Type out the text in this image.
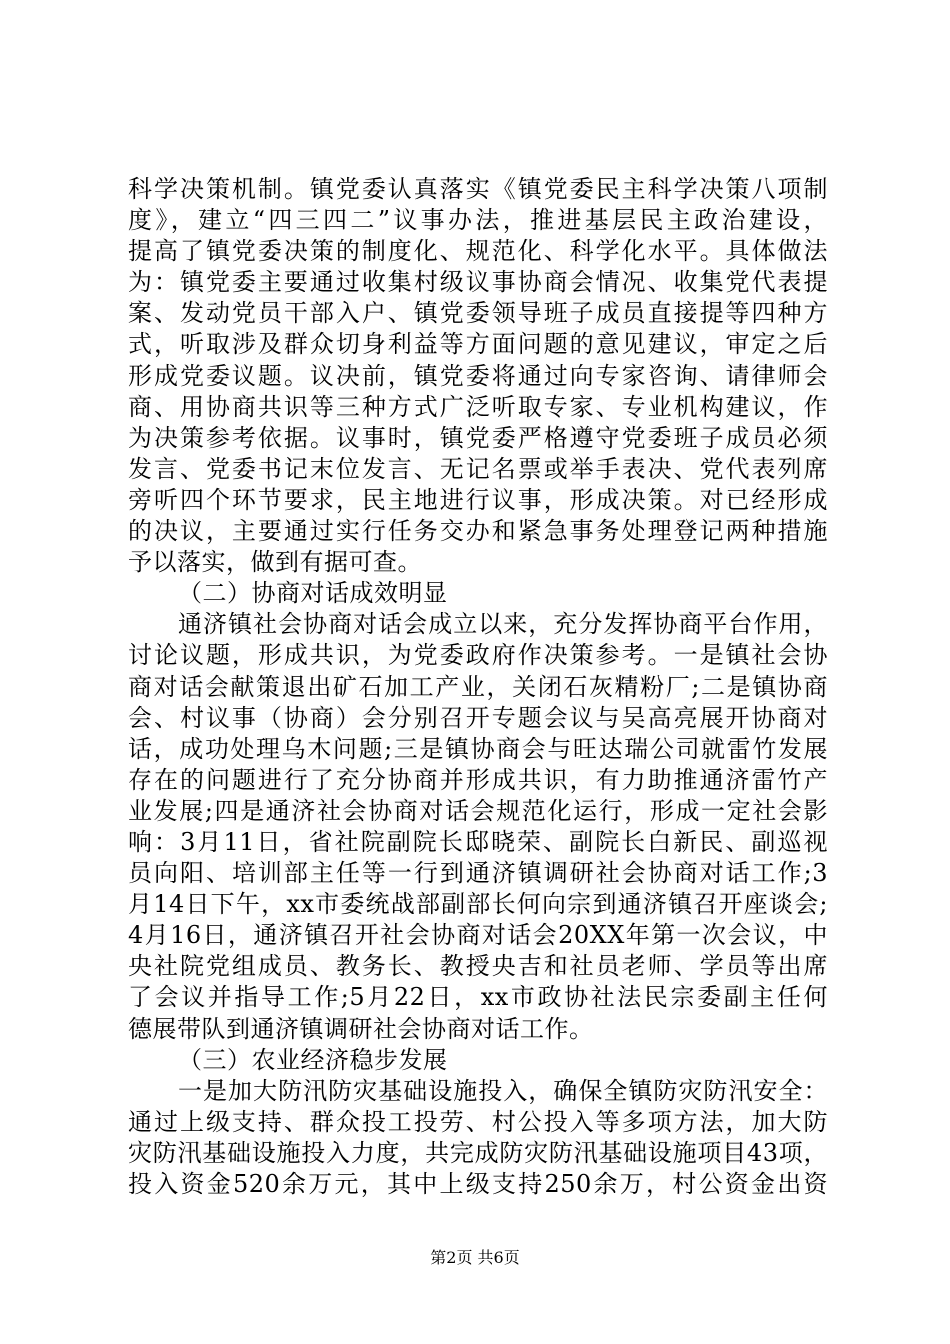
科学决策机制。镇党委认真落实《镇党委民主科学决策八项制
度》，建立“四三四二”议事办法，推进基层民主政治建设，
提高了镇党委决策的制度化、规范化、科学化水平。具体做法
为：镇党委主要通过收集村级议事协商会情况、收集党代表提
案、发动党员干部入户、镇党委领导班子成员直接提等四种方
式，听取涉及群众切身利益等方面问题的意见建议，审定之后
形成党委议题。议决前，镇党委将通过向专家咨询、请律师会
商、用协商共识等三种方式广泛听取专家、专业机构建议，作
为决策参考依据。议事时，镇党委严格遵守党委班子成员必须
发言、党委书记末位发言、无记名票或举手表决、党代表列席
旁听四个环节要求，民主地进行议事，形成决策。对已经形成
的决议，主要通过实行任务交办和紧急事务处理登记两种措施
予以落实，做到有据可查。
（二）协商对话成效明显
通济镇社会协商对话会成立以来，充分发挥协商平台作用，
讨论议题，形成共识，为党委政府作决策参考。一是镇社会协
商对话会献策退出矿石加工产业，关闭石灰精粉厂;二是镇协商
会、村议事（协商）会分别召开专题会议与吴高亮展开协商对
话，成功处理乌木问题;三是镇协商会与旺达瑞公司就雷竹发展
存在的问题进行了充分协商并形成共识，有力助推通济雷竹产
业发展;四是通济社会协商对话会规范化运行，形成一定社会影
响：3月11日，省社院副院长邸晓荣、副院长白新民、副巡视
员向阳、培训部主任等一行到通济镇调研社会协商对话工作;3
月14日下午，xx市委统战部副部长何向宗到通济镇召开座谈会;
4月16日，通济镇召开社会协商对话会20XX年第一次会议，中
央社院党组成员、教务长、教授央吉和社员老师、学员等出席
了会议并指导工作;5月22日，xx市政协社法民宗委副主任何
德展带队到通济镇调研社会协商对话工作。
（三）农业经济稳步发展
一是加大防汛防灾基础设施投入，确保全镇防灾防汛安全：
通过上级支持、群众投工投劳、村公投入等多项方法，加大防
灾防汛基础设施投入力度，共完成防灾防汛基础设施项目43项，
投入资金520余万元，其中上级支持250余万，村公资金出资
第2页 共6页
